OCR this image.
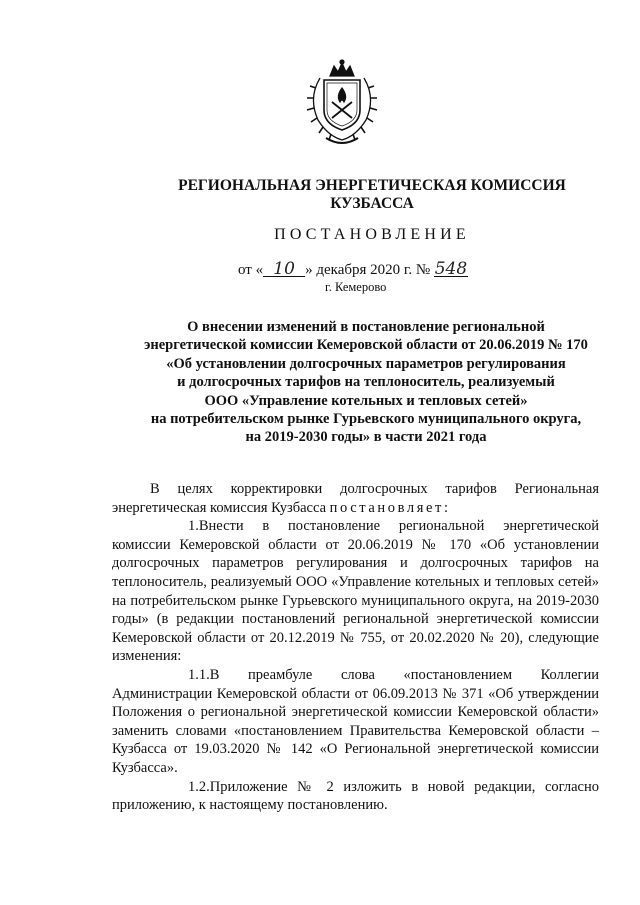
РЕГИОНАЛЬНАЯ ЭНЕРГЕТИЧЕСКАЯ КОМИССИЯ
КУЗБАССА
ПОСТАНОВЛЕНИЕ
от « 10 » декабря 2020 г. № 548
г. Кемерово
О внесении изменений в постановление региональной
энергетической комиссии Кемеровской области от 20.06.2019 № 170
«Об установлении долгосрочных параметров регулирования
и долгосрочных тарифов на теплоноситель, реализуемый
ООО «Управление котельных и тепловых сетей»
на потребительском рынке Гурьевского муниципального округа,
на 2019-2030 годы» в части 2021 года

В целях корректировки долгосрочных тарифов Региональная энергетическая комиссия Кузбасса постановляет:

1.Внести в постановление региональной энергетической комиссии Кемеровской области от 20.06.2019 № 170 «Об установлении долгосрочных параметров регулирования и долгосрочных тарифов на теплоноситель, реализуемый ООО «Управление котельных и тепловых сетей» на потребительском рынке Гурьевского муниципального округа, на 2019-2030 годы» (в редакции постановлений региональной энергетической комиссии Кемеровской области от 20.12.2019 № 755, от 20.02.2020 № 20), следующие изменения:

1.1.В преамбуле слова «постановлением Коллегии Администрации Кемеровской области от 06.09.2013 № 371 «Об утверждении Положения о региональной энергетической комиссии Кемеровской области» заменить словами «постановлением Правительства Кемеровской области – Кузбасса от 19.03.2020 № 142 «О Региональной энергетической комиссии Кузбасса».

1.2.Приложение № 2 изложить в новой редакции, согласно приложению, к настоящему постановлению.
